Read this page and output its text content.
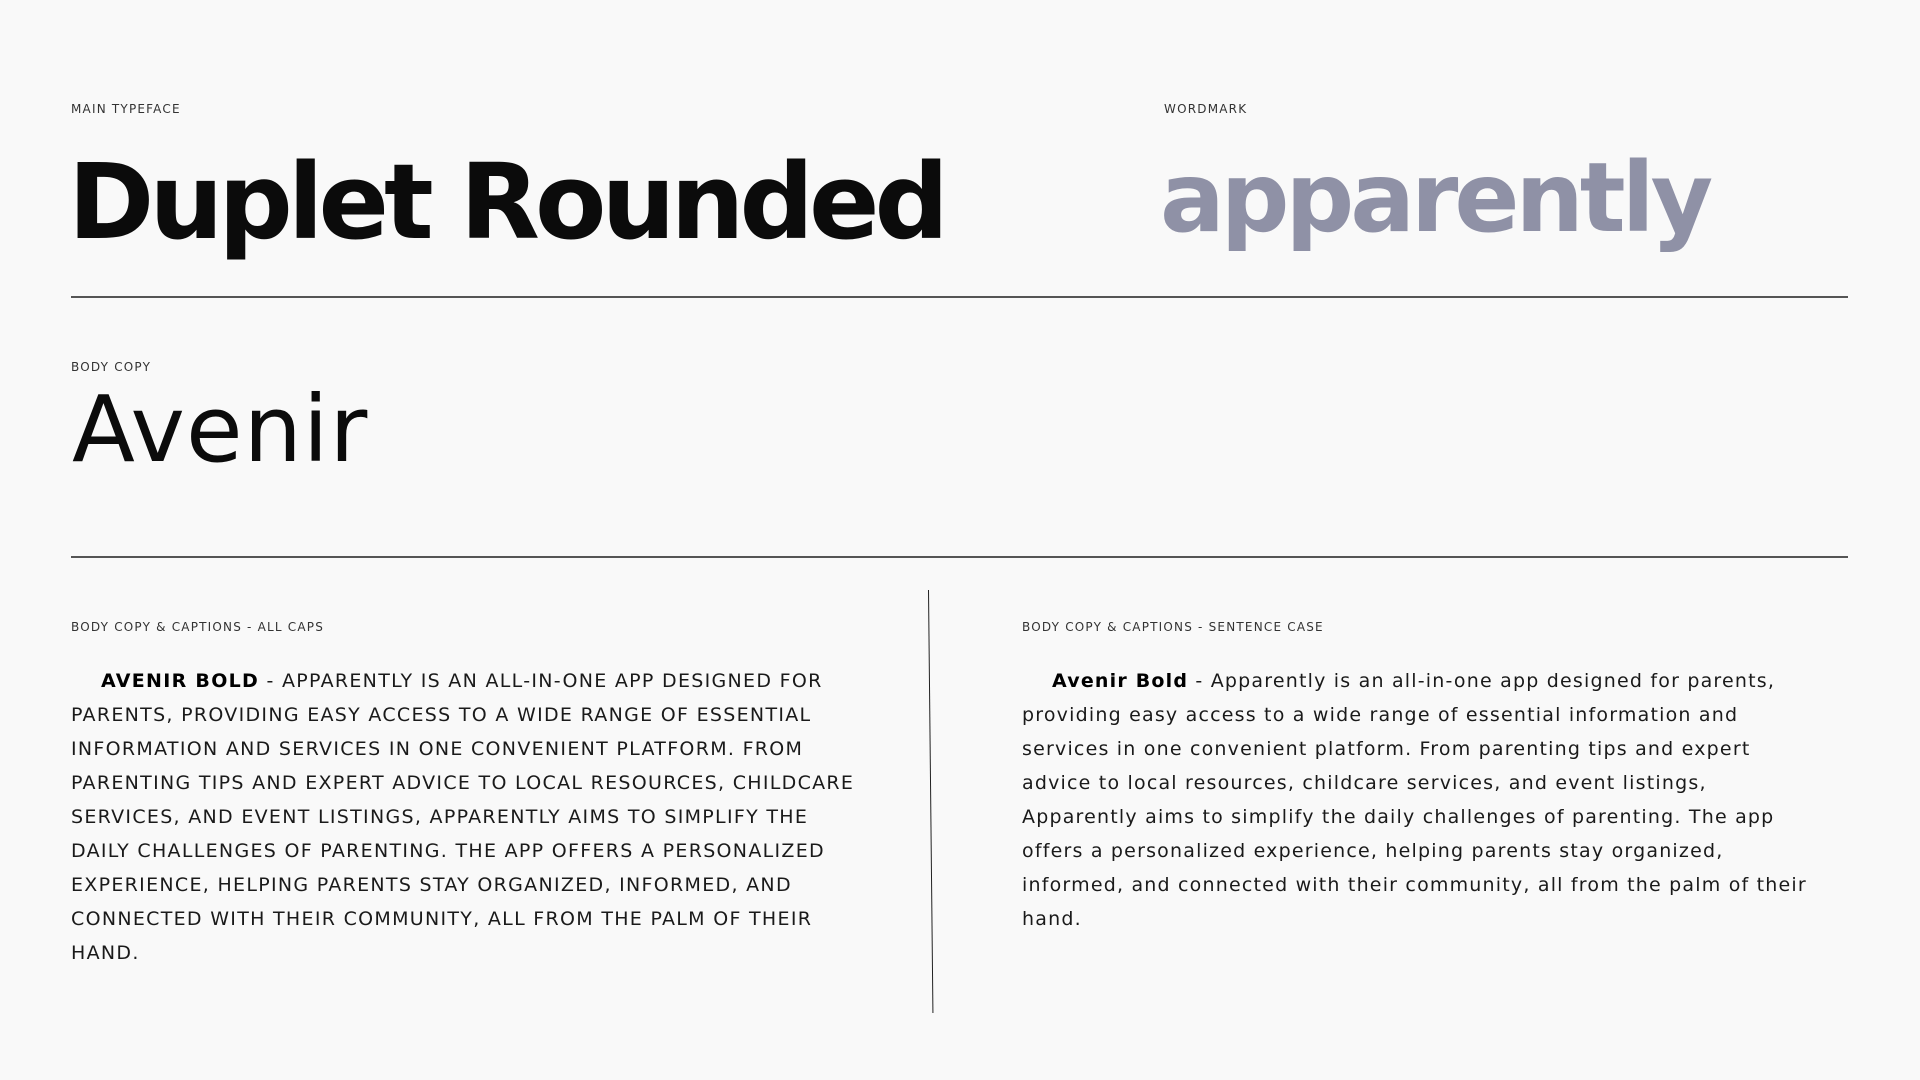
MAIN TYPEFACE
Duplet Rounded
WORDMARK
apparently
BODY COPY
Avenir
BODY COPY & CAPTIONS - ALL CAPS
AVENIR BOLD - APPARENTLY IS AN ALL-IN-ONE APP DESIGNED FOR PARENTS, PROVIDING EASY ACCESS TO A WIDE RANGE OF ESSENTIAL INFORMATION AND SERVICES IN ONE CONVENIENT PLATFORM. FROM PARENTING TIPS AND EXPERT ADVICE TO LOCAL RESOURCES, CHILDCARE SERVICES, AND EVENT LISTINGS, APPARENTLY AIMS TO SIMPLIFY THE DAILY CHALLENGES OF PARENTING. THE APP OFFERS A PERSONALIZED EXPERIENCE, HELPING PARENTS STAY ORGANIZED, INFORMED, AND CONNECTED WITH THEIR COMMUNITY, ALL FROM THE PALM OF THEIR HAND.
BODY COPY & CAPTIONS - SENTENCE CASE
Avenir Bold - Apparently is an all-in-one app designed for parents, providing easy access to a wide range of essential information and services in one convenient platform. From parenting tips and expert advice to local resources, childcare services, and event listings, Apparently aims to simplify the daily challenges of parenting. The app offers a personalized experience, helping parents stay organized, informed, and connected with their community, all from the palm of their hand.
